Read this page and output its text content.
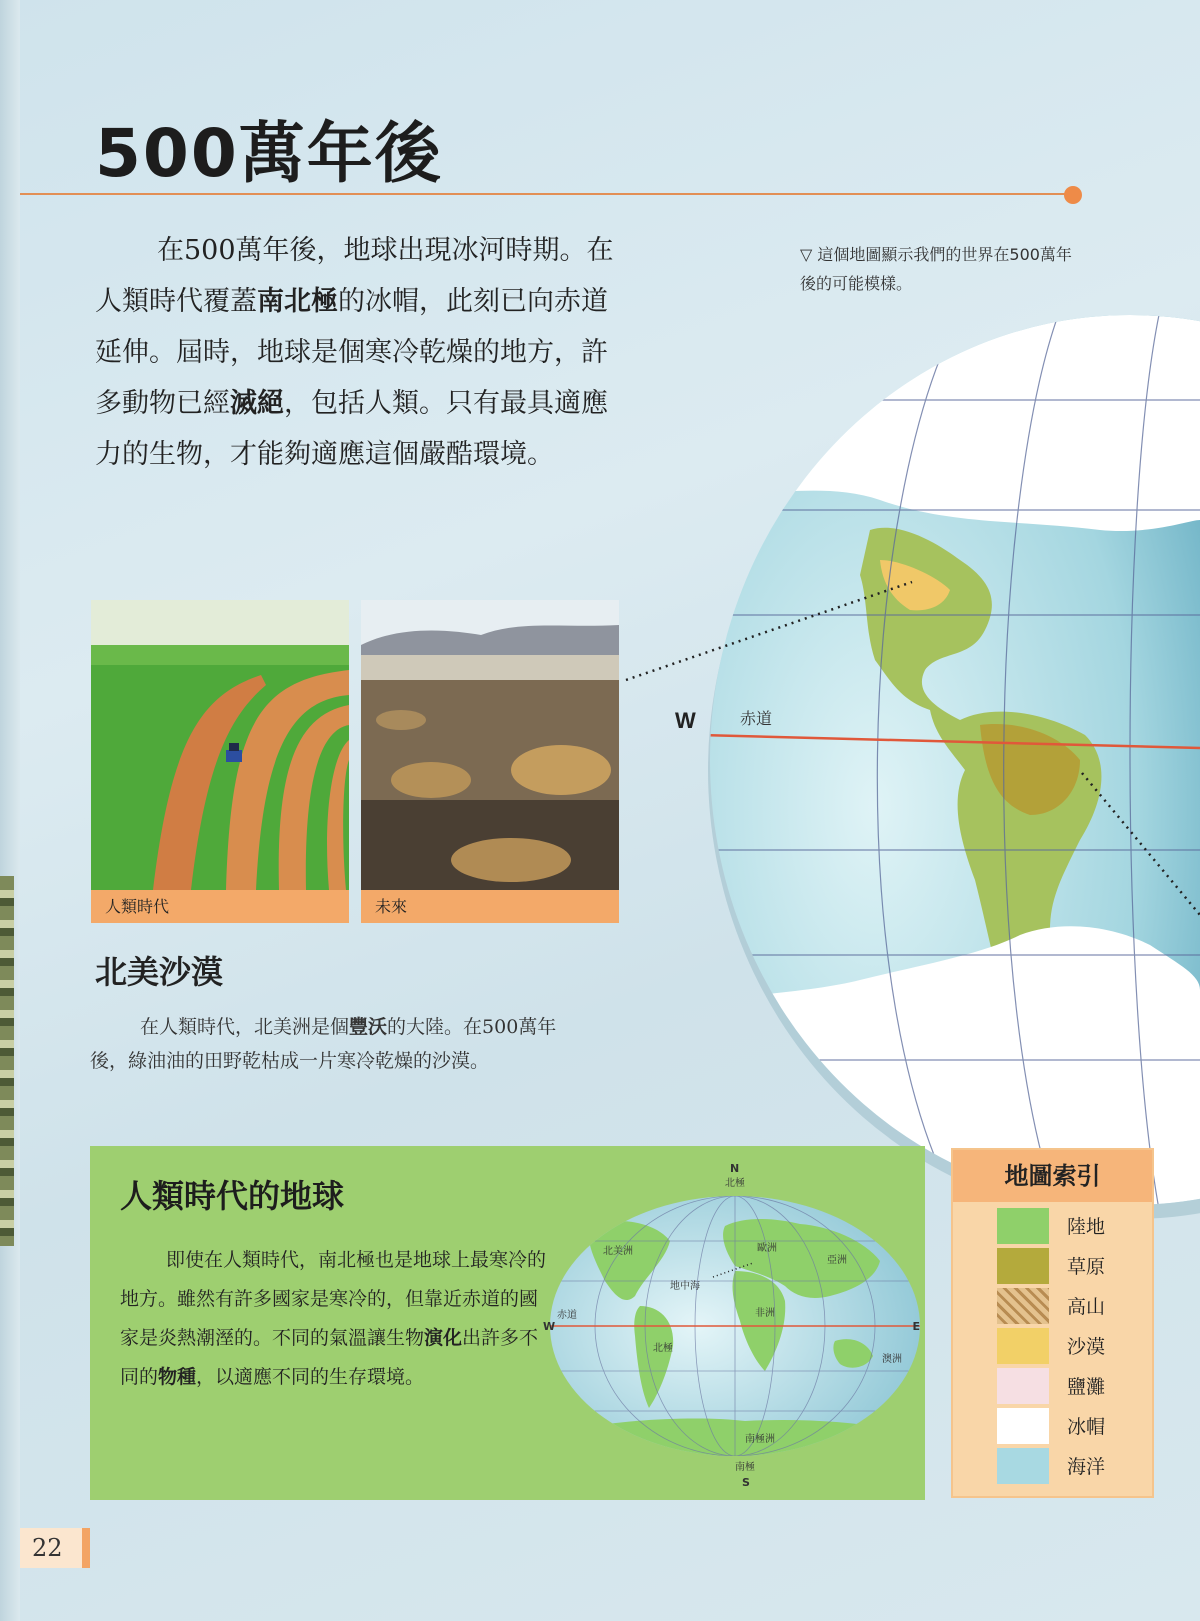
W	赤道
500萬年後

在500萬年後，地球出現冰河時期。在人類時代覆蓋南北極的冰帽，此刻已向赤道延伸。屆時，地球是個寒冷乾燥的地方，許多動物已經滅絕，包括人類。只有最具適應力的生物，才能夠適應這個嚴酷環境。

▽ 這個地圖顯示我們的世界在500萬年後的可能模樣。
人類時代	未來
北美沙漠

在人類時代，北美洲是個豐沃的大陸。在500萬年後，綠油油的田野乾枯成一片寒冷乾燥的沙漠。

人類時代的地球

即使在人類時代，南北極也是地球上最寒冷的地方。雖然有許多國家是寒冷的，但靠近赤道的國家是炎熱潮溼的。不同的氣溫讓生物演化出許多不同的物種，以適應不同的生存環境。

N
北極
W	E
赤道
北美洲	歐洲
亞洲
地中海
非洲
北極
澳洲
南極洲
南極
S
地圖索引
陸地
草原
高山
沙漠
鹽灘
冰帽
海洋
22
